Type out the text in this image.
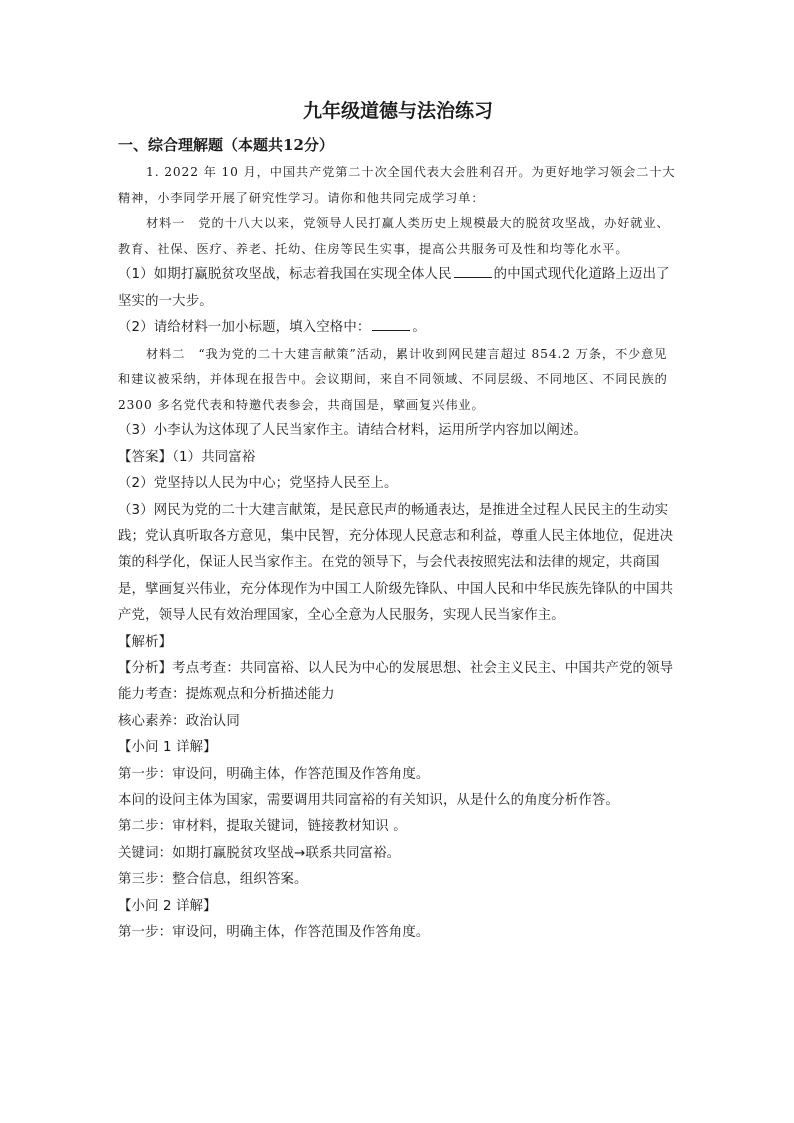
九年级道德与法治练习
一、综合理解题（本题共12分）

1. 2022 年 10 月，中国共产党第二十次全国代表大会胜利召开。为更好地学习领会二十大精神，小李同学开展了研究性学习。请你和他共同完成学习单：

材料一　党的十八大以来，党领导人民打赢人类历史上规模最大的脱贫攻坚战，办好就业、教育、社保、医疗、养老、托幼、住房等民生实事，提高公共服务可及性和均等化水平。

（1）如期打赢脱贫攻坚战，标志着我国在实现全体人民	的中国式现代化道路上迈出了坚实的一大步。

（2）请给材料一加小标题，填入空格中：	。

材料二　“我为党的二十大建言献策”活动，累计收到网民建言超过 854.2 万条，不少意见和建议被采纳，并体现在报告中。会议期间，来自不同领域、不同层级、不同地区、不同民族的 2300 多名党代表和特邀代表参会，共商国是，擘画复兴伟业。

（3）小李认为这体现了人民当家作主。请结合材料，运用所学内容加以阐述。

【答案】（1）共同富裕

（2）党坚持以人民为中心；党坚持人民至上。

（3）网民为党的二十大建言献策，是民意民声的畅通表达，是推进全过程人民民主的生动实践；党认真听取各方意见，集中民智，充分体现人民意志和利益，尊重人民主体地位，促进决策的科学化，保证人民当家作主。在党的领导下，与会代表按照宪法和法律的规定，共商国是，擘画复兴伟业，充分体现作为中国工人阶级先锋队、中国人民和中华民族先锋队的中国共产党，领导人民有效治理国家，全心全意为人民服务，实现人民当家作主。

【解析】

【分析】考点考查：共同富裕、以人民为中心的发展思想、社会主义民主、中国共产党的领导

能力考查：提炼观点和分析描述能力

核心素养：政治认同

【小问 1 详解】

第一步：审设问，明确主体，作答范围及作答角度。

本问的设问主体为国家，需要调用共同富裕的有关知识，从是什么的角度分析作答。

第二步：审材料，提取关键词，链接教材知识 。

关键词：如期打赢脱贫攻坚战→联系共同富裕。

第三步：整合信息，组织答案。

【小问 2 详解】

第一步：审设问，明确主体，作答范围及作答角度。
